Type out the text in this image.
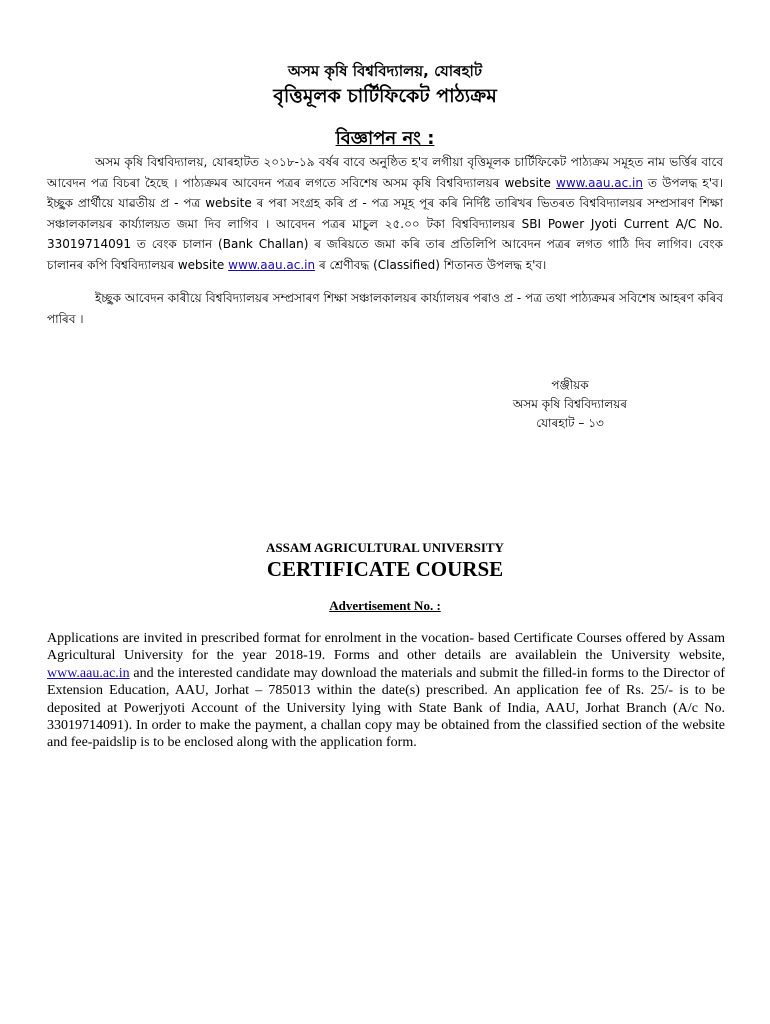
অসম কৃষি বিশ্ববিদ্যালয়, যোৰহাট
বৃত্তিমূলক চাৰ্টিফিকেট পাঠ্যক্ৰম
বিজ্ঞাপন নং :
অসম কৃষি বিশ্ববিদ্যালয়, যোৰহাটত ২০১৮-১৯ বৰ্ষৰ বাবে অনুষ্ঠিত হ'ব লগীয়া বৃত্তিমূলক চাৰ্টিফিকেট পাঠ্যক্ৰম সমূহত নাম ভৰ্ত্তিৰ বাবে আবেদন পত্ৰ বিচৰা হৈছে । পাঠ্যক্ৰমৰ আবেদন পত্ৰৰ লগতে সবিশেষ অসম কৃষি বিশ্ববিদ্যালয়ৰ website www.aau.ac.in ত উপলদ্ধ হ'ব। ইচ্ছুক প্ৰাৰ্থীয়ে যাৱতীয় প্ৰ - পত্ৰ website ৰ পৰা সংগ্ৰহ কৰি প্ৰ - পত্ৰ সমূহ পূৰ কৰি নিৰ্দিষ্ট তাৰিখৰ ভিতৰত বিশ্ববিদ্যালয়ৰ সম্প্ৰসাৰণ শিক্ষা সঞ্চালকালয়ৰ কাৰ্য্যালয়ত জমা দিব লাগিব । আবেদন পত্ৰৰ মাচুল ২৫.০০ টকা বিশ্ববিদ্যালয়ৰ SBI Power Jyoti Current A/C No. 33019714091 ত বেংক চালান (Bank Challan) ৰ জৰিয়তে জমা কৰি তাৰ প্ৰতিলিপি আবেদন পত্ৰৰ লগত গাঠি দিব লাগিব। বেংক চালানৰ কপি বিশ্ববিদ্যালয়ৰ website www.aau.ac.in ৰ শ্ৰেণীবদ্ধ (Classified) শিতানত উপলদ্ধ হ'ব।
ইচ্ছুক আবেদন কাৰীয়ে বিশ্ববিদ্যালয়ৰ সম্প্ৰসাৰণ শিক্ষা সঞ্চালকালয়ৰ কাৰ্য্যালয়ৰ পৰাও প্ৰ - পত্ৰ তথা পাঠ্যক্ৰমৰ সবিশেষ আহৰণ কৰিব পাৰিব ।
পঞ্জীয়ক
অসম কৃষি বিশ্ববিদ্যালয়ৰ
যোৰহাট – ১৩
ASSAM AGRICULTURAL UNIVERSITY
CERTIFICATE COURSE
Advertisement No. :
Applications are invited in prescribed format for enrolment in the vocation- based Certificate Courses offered by Assam Agricultural University for the year 2018-19. Forms and other details are availablein the University website, www.aau.ac.in and the interested candidate may download the materials and submit the filled-in forms to the Director of Extension Education, AAU, Jorhat – 785013 within the date(s) prescribed. An application fee of Rs. 25/- is to be deposited at Powerjyoti Account of the University lying with State Bank of India, AAU, Jorhat Branch (A/c No. 33019714091). In order to make the payment, a challan copy may be obtained from the classified section of the website and fee-paidslip is to be enclosed along with the application form.
